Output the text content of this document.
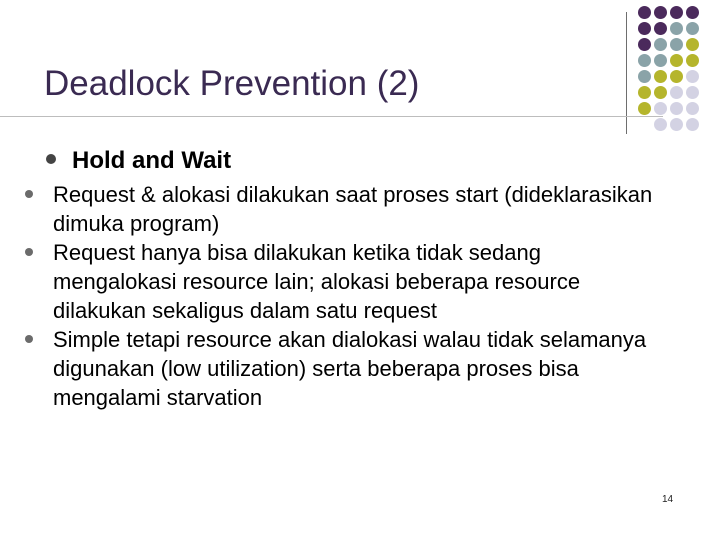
Deadlock Prevention (2)
Hold and Wait
Request & alokasi dilakukan saat proses start (dideklarasikan dimuka program)
Request hanya bisa dilakukan ketika tidak sedang mengalokasi resource lain; alokasi beberapa resource dilakukan sekaligus dalam satu request
Simple tetapi resource akan dialokasi walau tidak selamanya digunakan (low utilization) serta beberapa proses bisa mengalami starvation
14
